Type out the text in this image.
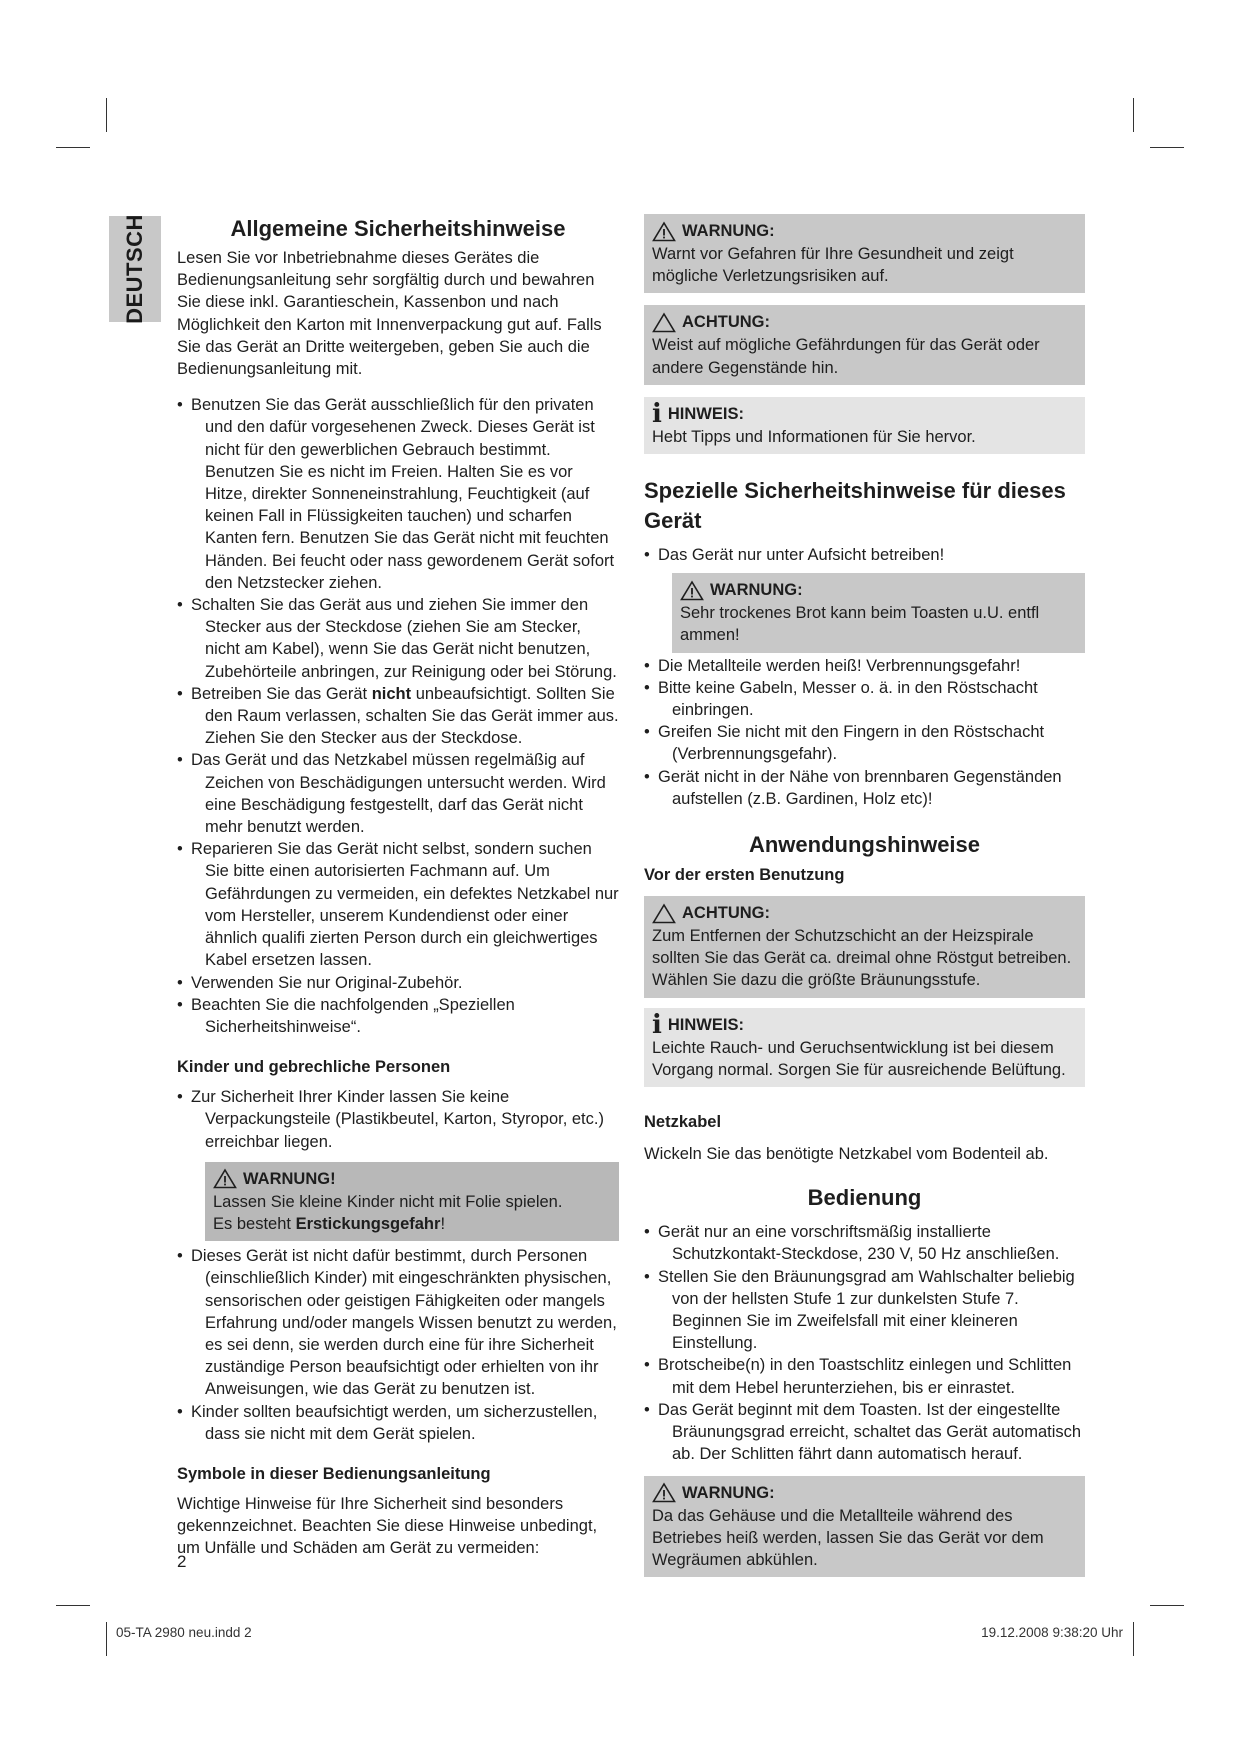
DEUTSCH	Allgemeine Sicherheitshinweise

Lesen Sie vor Inbetriebnahme dieses Gerätes die Bedienungsanleitung sehr sorgfältig durch und bewahren Sie diese inkl. Garantieschein, Kassenbon und nach Möglichkeit den Karton mit Innenverpackung gut auf. Falls Sie das Gerät an Dritte weitergeben, geben Sie auch die Bedienungsanleitung mit.

• Benutzen Sie das Gerät ausschließlich für den privaten und den dafür vorgesehenen Zweck. Dieses Gerät ist nicht für den gewerblichen Gebrauch bestimmt. Benutzen Sie es nicht im Freien. Halten Sie es vor Hitze, direkter Sonneneinstrahlung, Feuchtigkeit (auf keinen Fall in Flüssigkeiten tauchen) und scharfen Kanten fern. Benutzen Sie das Gerät nicht mit feuchten Händen. Bei feucht oder nass gewordenem Gerät sofort den Netzstecker ziehen.
• Schalten Sie das Gerät aus und ziehen Sie immer den Stecker aus der Steckdose (ziehen Sie am Stecker, nicht am Kabel), wenn Sie das Gerät nicht benutzen, Zubehörteile anbringen, zur Reinigung oder bei Störung.
• Betreiben Sie das Gerät nicht unbeaufsichtigt. Sollten Sie den Raum verlassen, schalten Sie das Gerät immer aus. Ziehen Sie den Stecker aus der Steckdose.
• Das Gerät und das Netzkabel müssen regelmäßig auf Zeichen von Beschädigungen untersucht werden. Wird eine Beschädigung festgestellt, darf das Gerät nicht mehr benutzt werden.
• Reparieren Sie das Gerät nicht selbst, sondern suchen Sie bitte einen autorisierten Fachmann auf. Um Gefährdungen zu vermeiden, ein defektes Netzkabel nur vom Hersteller, unserem Kundendienst oder einer ähnlich qualifi zierten Person durch ein gleichwertiges Kabel ersetzen lassen.
• Verwenden Sie nur Original-Zubehör.
• Beachten Sie die nachfolgenden „Speziellen Sicherheitshinweise“.
Kinder und gebrechliche Personen
• Zur Sicherheit Ihrer Kinder lassen Sie keine Verpackungsteile (Plastikbeutel, Karton, Styropor, etc.) erreichbar liegen.
WARNUNG!
Lassen Sie kleine Kinder nicht mit Folie spielen.
Es besteht Erstickungsgefahr!
• Dieses Gerät ist nicht dafür bestimmt, durch Personen (einschließlich Kinder) mit eingeschränkten physischen, sensorischen oder geistigen Fähigkeiten oder mangels Erfahrung und/oder mangels Wissen benutzt zu werden, es sei denn, sie werden durch eine für ihre Sicherheit zuständige Person beaufsichtigt oder erhielten von ihr Anweisungen, wie das Gerät zu benutzen ist.
• Kinder sollten beaufsichtigt werden, um sicherzustellen, dass sie nicht mit dem Gerät spielen.
Symbole in dieser Bedienungsanleitung

Wichtige Hinweise für Ihre Sicherheit sind besonders gekennzeichnet. Beachten Sie diese Hinweise unbedingt, um Unfälle und Schäden am Gerät zu vermeiden:

WARNUNG:
Warnt vor Gefahren für Ihre Gesundheit und zeigt mögliche Verletzungsrisiken auf.
ACHTUNG:
Weist auf mögliche Gefährdungen für das Gerät oder andere Gegenstände hin.
i HINWEIS:
Hebt Tipps und Informationen für Sie hervor.
Spezielle Sicherheitshinweise für dieses Gerät
• Das Gerät nur unter Aufsicht betreiben!
WARNUNG:
Sehr trockenes Brot kann beim Toasten u.U. entfl ammen!
• Die Metallteile werden heiß! Verbrennungsgefahr!
• Bitte keine Gabeln, Messer o. ä. in den Röstschacht einbringen.
• Greifen Sie nicht mit den Fingern in den Röstschacht (Verbrennungsgefahr).
• Gerät nicht in der Nähe von brennbaren Gegenständen aufstellen (z.B. Gardinen, Holz etc)!
Anwendungshinweise
Vor der ersten Benutzung
ACHTUNG:
Zum Entfernen der Schutzschicht an der Heizspirale sollten Sie das Gerät ca. dreimal ohne Röstgut betreiben. Wählen Sie dazu die größte Bräunungsstufe.
i HINWEIS:
Leichte Rauch- und Geruchsentwicklung ist bei diesem Vorgang normal. Sorgen Sie für ausreichende Belüftung.
Netzkabel

Wickeln Sie das benötigte Netzkabel vom Bodenteil ab.

Bedienung
• Gerät nur an eine vorschriftsmäßig installierte Schutzkontakt-Steckdose, 230 V, 50 Hz anschließen.
• Stellen Sie den Bräunungsgrad am Wahlschalter beliebig von der hellsten Stufe 1 zur dunkelsten Stufe 7. Beginnen Sie im Zweifelsfall mit einer kleineren Einstellung.
• Brotscheibe(n) in den Toastschlitz einlegen und Schlitten mit dem Hebel herunterziehen, bis er einrastet.
• Das Gerät beginnt mit dem Toasten. Ist der eingestellte Bräunungsgrad erreicht, schaltet das Gerät automatisch ab. Der Schlitten fährt dann automatisch herauf.
WARNUNG:
Da das Gehäuse und die Metallteile während des Betriebes heiß werden, lassen Sie das Gerät vor dem Wegräumen abkühlen.
2
05-TA 2980 neu.indd 2	19.12.2008 9:38:20 Uhr
